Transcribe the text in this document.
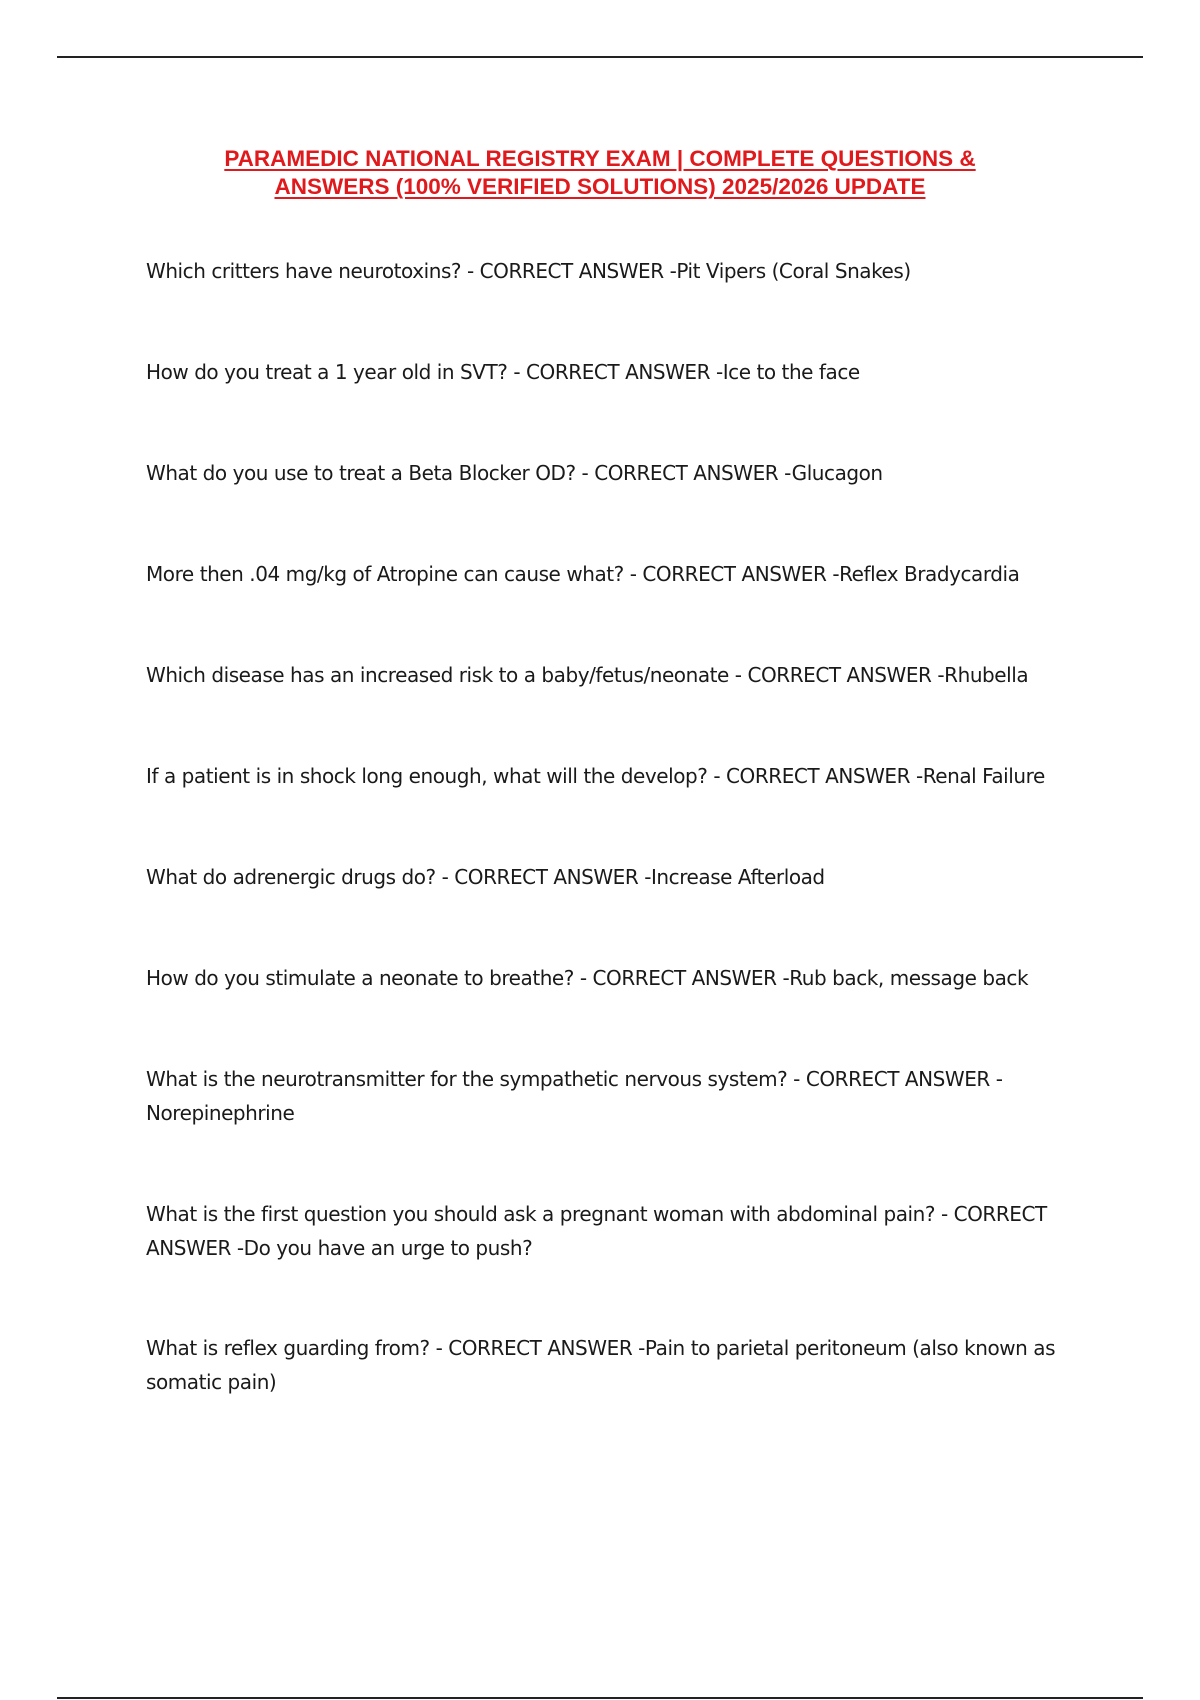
PARAMEDIC NATIONAL REGISTRY EXAM | COMPLETE QUESTIONS &
ANSWERS (100% VERIFIED SOLUTIONS) 2025/2026 UPDATE
Which critters have neurotoxins? - CORRECT ANSWER -Pit Vipers (Coral Snakes)
How do you treat a 1 year old in SVT? - CORRECT ANSWER -Ice to the face
What do you use to treat a Beta Blocker OD? - CORRECT ANSWER -Glucagon
More then .04 mg/kg of Atropine can cause what? - CORRECT ANSWER -Reflex Bradycardia
Which disease has an increased risk to a baby/fetus/neonate - CORRECT ANSWER -Rhubella
If a patient is in shock long enough, what will the develop? - CORRECT ANSWER -Renal Failure
What do adrenergic drugs do? - CORRECT ANSWER -Increase Afterload
How do you stimulate a neonate to breathe? - CORRECT ANSWER -Rub back, message back
What is the neurotransmitter for the sympathetic nervous system? - CORRECT ANSWER - Norepinephrine
What is the first question you should ask a pregnant woman with abdominal pain? - CORRECT ANSWER -Do you have an urge to push?
What is reflex guarding from? - CORRECT ANSWER -Pain to parietal peritoneum (also known as somatic pain)
